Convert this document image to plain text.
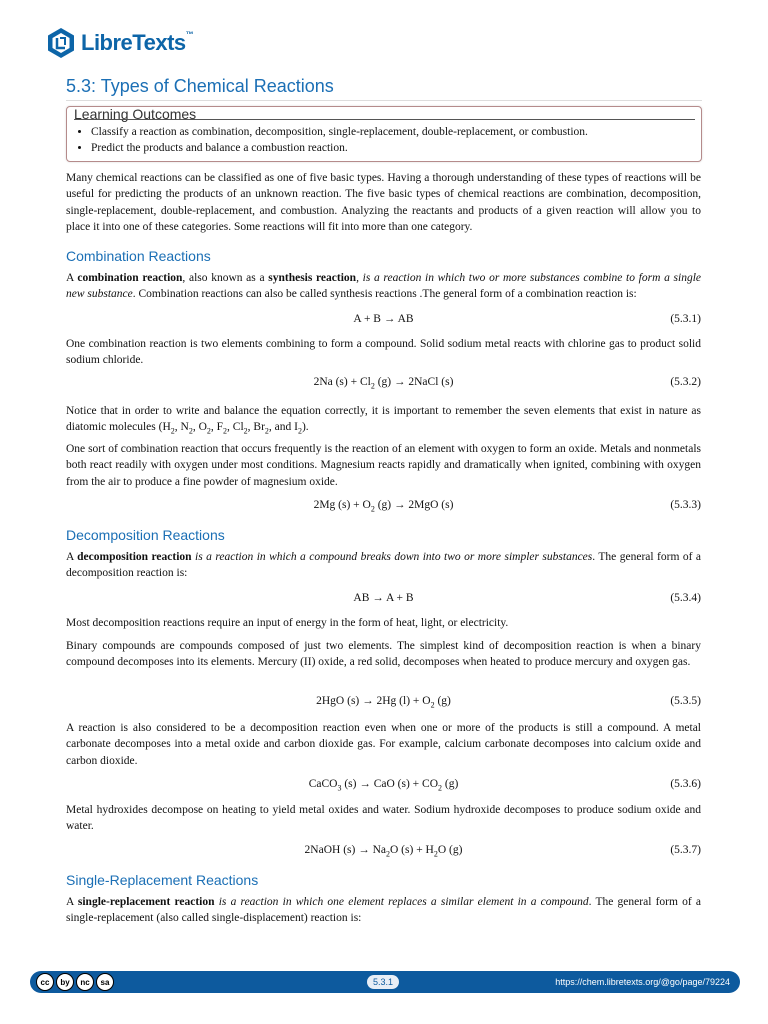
LibreTexts™
5.3: Types of Chemical Reactions
Learning Outcomes
• Classify a reaction as combination, decomposition, single-replacement, double-replacement, or combustion.
• Predict the products and balance a combustion reaction.

Many chemical reactions can be classified as one of five basic types. Having a thorough understanding of these types of reactions will be useful for predicting the products of an unknown reaction. The five basic types of chemical reactions are combination, decomposition, single-replacement, double-replacement, and combustion. Analyzing the reactants and products of a given reaction will allow you to place it into one of these categories. Some reactions will fit into more than one category.

Combination Reactions

A combination reaction, also known as a synthesis reaction, is a reaction in which two or more substances combine to form a single new substance. Combination reactions can also be called synthesis reactions .The general form of a combination reaction is:

A + B → AB	(5.3.1)

One combination reaction is two elements combining to form a compound. Solid sodium metal reacts with chlorine gas to product solid sodium chloride.

2Na $(s) + Cl_2$ (g) → 2NaCl (s)	(5.3.2)

Notice that in order to write and balance the equation correctly, it is important to remember the seven elements that exist in nature as diatomic molecules ($H_2$, $N_2$, $O_2$, $F_2$, $Cl_2$, $Br_2$, and $I_2$).

One sort of combination reaction that occurs frequently is the reaction of an element with oxygen to form an oxide. Metals and nonmetals both react readily with oxygen under most conditions. Magnesium reacts rapidly and dramatically when ignited, combining with oxygen from the air to produce a fine powder of magnesium oxide.

2Mg $(s) + O_2$ (g) → 2MgO (s)	(5.3.3)
Decomposition Reactions

A decomposition reaction is a reaction in which a compound breaks down into two or more simpler substances. The general form of a decomposition reaction is:

AB → A + B	(5.3.4)

Most decomposition reactions require an input of energy in the form of heat, light, or electricity.

Binary compounds are compounds composed of just two elements. The simplest kind of decomposition reaction is when a binary compound decomposes into its elements. Mercury (II) oxide, a red solid, decomposes when heated to produce mercury and oxygen gas.

2HgO (s) → 2Hg $(l) + O_2$ (g)	(5.3.5)

A reaction is also considered to be a decomposition reaction even when one or more of the products is still a compound. A metal carbonate decomposes into a metal oxide and carbon dioxide gas. For example, calcium carbonate decomposes into calcium oxide and carbon dioxide.

CaCO$_3$ (s) → CaO $(s) + CO_2$ (g)	(5.3.6)

Metal hydroxides decompose on heating to yield metal oxides and water. Sodium hydroxide decomposes to produce sodium oxide and water.

2NaOH $(s) \to Na_2O$ $(s) + H_2O$ (g)	(5.3.7)
Single-Replacement Reactions

A single-replacement reaction is a reaction in which one element replaces a similar element in a compound. The general form of a single-replacement (also called single-displacement) reaction is:

cc	by	nc	sa	5.3.1	https://chem.libretexts.org/@go/page/79224
